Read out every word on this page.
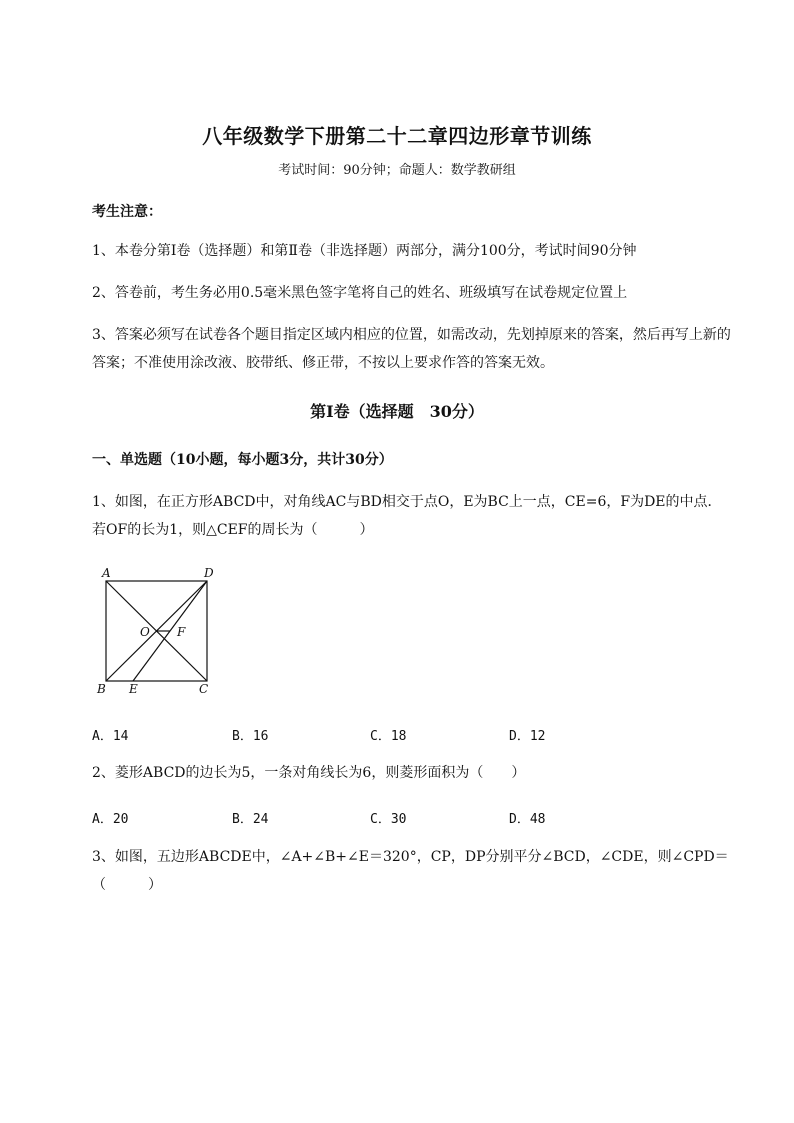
八年级数学下册第二十二章四边形章节训练
考试时间：90分钟；命题人：数学教研组
考生注意：
1、本卷分第Ⅰ卷（选择题）和第Ⅱ卷（非选择题）两部分，满分100分，考试时间90分钟
2、答卷前，考生务必用0.5毫米黑色签字笔将自己的姓名、班级填写在试卷规定位置上
3、答案必须写在试卷各个题目指定区域内相应的位置，如需改动，先划掉原来的答案，然后再写上新的答案；不准使用涂改液、胶带纸、修正带，不按以上要求作答的答案无效。
第Ⅰ卷（选择题　30分）
一、单选题（10小题，每小题3分，共计30分）
1、如图，在正方形ABCD中，对角线AC与BD相交于点O，E为BC上一点，CE=6，F为DE的中点．若OF的长为1，则△CEF的周长为（　　　）
A	D
B E	C
O F
A．14	B．16	C．18	D．12
2、菱形ABCD的边长为5，一条对角线长为6，则菱形面积为（　　）
A．20	B．24	C．30	D．48
3、如图，五边形ABCDE中，∠A+∠B+∠E＝320°，CP，DP分别平分∠BCD，∠CDE，则∠CPD＝（　　　）
